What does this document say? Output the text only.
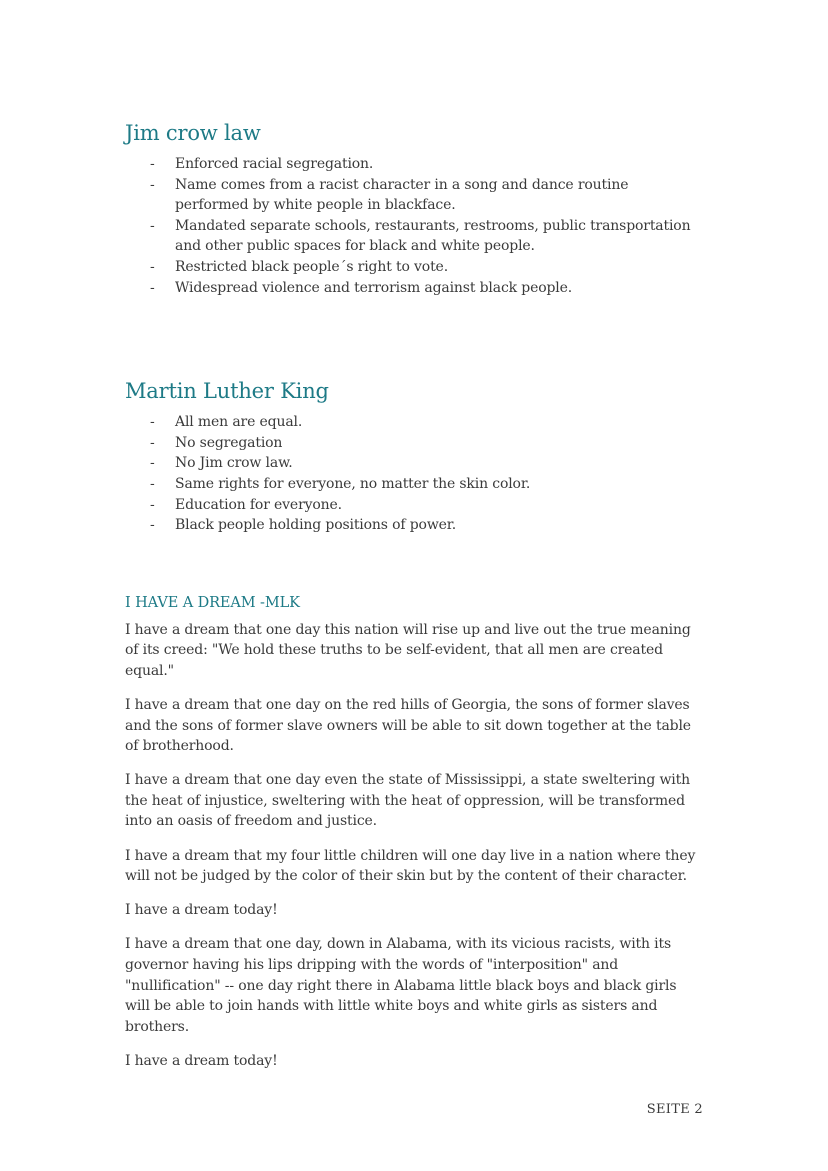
Jim crow law
- Enforced racial segregation.
- Name comes from a racist character in a song and dance routine performed by white people in blackface.
- Mandated separate schools, restaurants, restrooms, public transportation and other public spaces for black and white people.
- Restricted black people´s right to vote.
- Widespread violence and terrorism against black people.
Martin Luther King
- All men are equal.
- No segregation
- No Jim crow law.
- Same rights for everyone, no matter the skin color.
- Education for everyone.
- Black people holding positions of power.
I HAVE A DREAM -MLK

I have a dream that one day this nation will rise up and live out the true meaning of its creed: "We hold these truths to be self-evident, that all men are created equal."

I have a dream that one day on the red hills of Georgia, the sons of former slaves and the sons of former slave owners will be able to sit down together at the table of brotherhood.

I have a dream that one day even the state of Mississippi, a state sweltering with the heat of injustice, sweltering with the heat of oppression, will be transformed into an oasis of freedom and justice.

I have a dream that my four little children will one day live in a nation where they will not be judged by the color of their skin but by the content of their character.

I have a dream today!

I have a dream that one day, down in Alabama, with its vicious racists, with its governor having his lips dripping with the words of "interposition" and "nullification" -- one day right there in Alabama little black boys and black girls will be able to join hands with little white boys and white girls as sisters and brothers.

I have a dream today!

SEITE 2
